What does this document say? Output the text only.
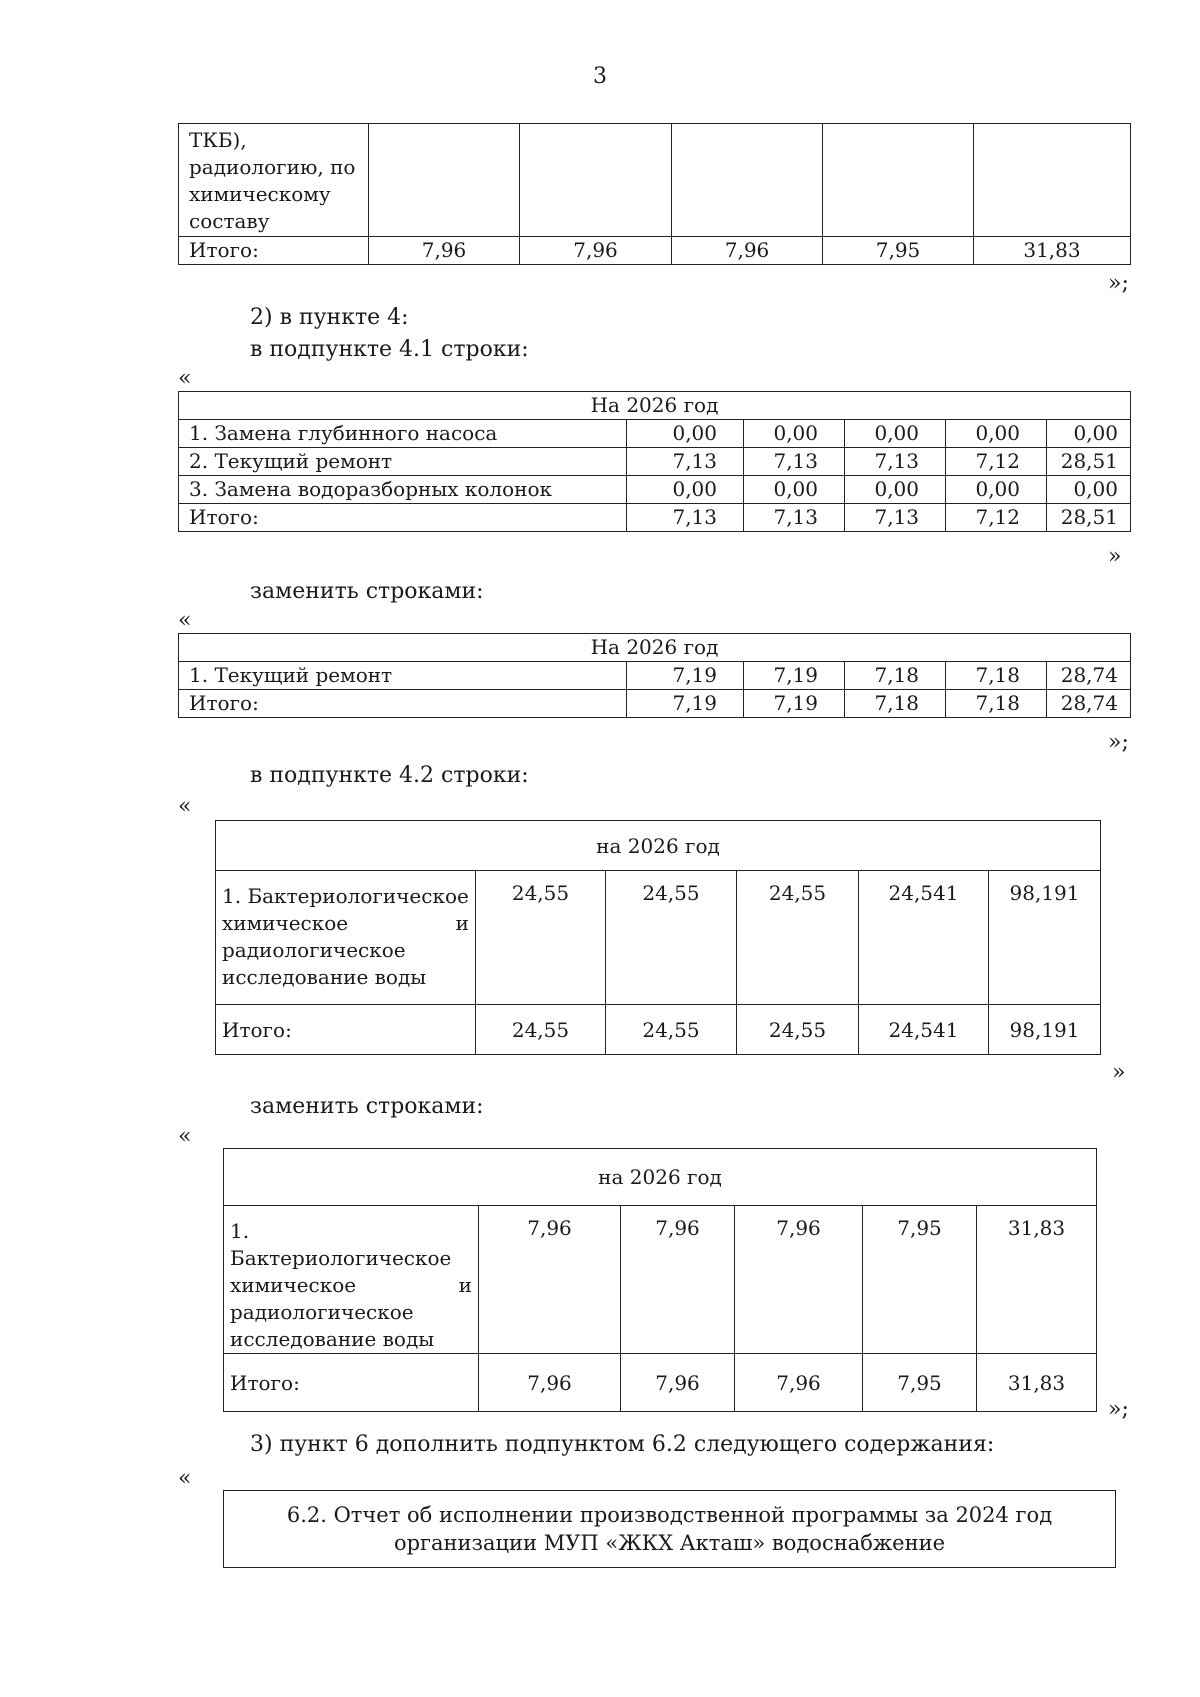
3
ТКБ),
радиологию, по
химическому
составу					

Итого:	7,96	7,96	7,96	7,95	31,83
»;
2) в пункте 4:
в подпункте 4.1 строки:
«
На 2026 год					
1. Замена глубинного насоса	0,00	0,00	0,00	0,00	0,00
2. Текущий ремонт	7,13	7,13	7,13	7,12	28,51
3. Замена водоразборных колонок	0,00	0,00	0,00	0,00	0,00
Итого:	7,13	7,13	7,13	7,12	28,51
»
заменить строками:
«
На 2026 год					
1. Текущий ремонт	7,19	7,19	7,18	7,18	28,74
Итого:	7,19	7,19	7,18	7,18	28,74
»;
в подпункте 4.2 строки:
«
на 2026 год					

1. Бактериологическое
химическое и
радиологическое
исследование воды	24,55	24,55	24,55	24,541	98,191
Итого:	24,55	24,55	24,55	24,541	98,191
»
заменить строками:
«
на 2026 год					

1. Бактериологическое
химическое и
радиологическое
исследование воды	7,96	7,96	7,96	7,95	31,83
Итого:	7,96	7,96	7,96	7,95	31,83
»;
3) пункт 6 дополнить подпунктом 6.2 следующего содержания:
«
6.2. Отчет об исполнении производственной программы за 2024 год
организации МУП «ЖКХ Акташ» водоснабжение
